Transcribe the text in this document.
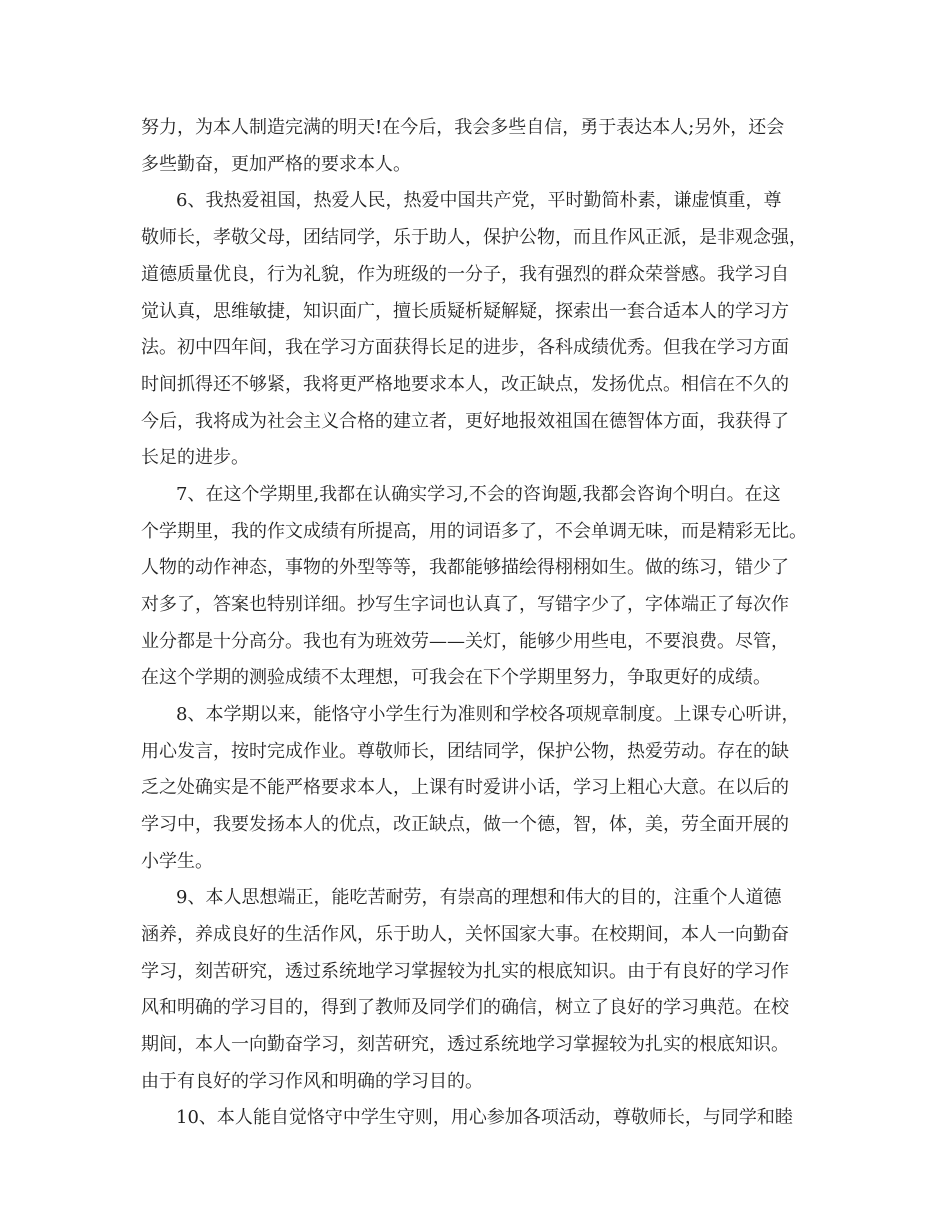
努力，为本人制造完满的明天!在今后，我会多些自信，勇于表达本人;另外，还会
多些勤奋，更加严格的要求本人。
6、我热爱祖国，热爱人民，热爱中国共产党，平时勤简朴素，谦虚慎重，尊
敬师长，孝敬父母，团结同学，乐于助人，保护公物，而且作风正派，是非观念强，
道德质量优良，行为礼貌，作为班级的一分子，我有强烈的群众荣誉感。我学习自
觉认真，思维敏捷，知识面广，擅长质疑析疑解疑，探索出一套合适本人的学习方
法。初中四年间，我在学习方面获得长足的进步，各科成绩优秀。但我在学习方面
时间抓得还不够紧，我将更严格地要求本人，改正缺点，发扬优点。相信在不久的
今后，我将成为社会主义合格的建立者，更好地报效祖国在德智体方面，我获得了
长足的进步。
7、在这个学期里,我都在认确实学习,不会的咨询题,我都会咨询个明白。在这
个学期里，我的作文成绩有所提高，用的词语多了，不会单调无味，而是精彩无比。
人物的动作神态，事物的外型等等，我都能够描绘得栩栩如生。做的练习，错少了
对多了，答案也特别详细。抄写生字词也认真了，写错字少了，字体端正了每次作
业分都是十分高分。我也有为班效劳——关灯，能够少用些电，不要浪费。尽管，
在这个学期的测验成绩不太理想，可我会在下个学期里努力，争取更好的成绩。
8、本学期以来，能恪守小学生行为准则和学校各项规章制度。上课专心听讲，
用心发言，按时完成作业。尊敬师长，团结同学，保护公物，热爱劳动。存在的缺
乏之处确实是不能严格要求本人，上课有时爱讲小话，学习上粗心大意。在以后的
学习中，我要发扬本人的优点，改正缺点，做一个德，智，体，美，劳全面开展的
小学生。
9、本人思想端正，能吃苦耐劳，有崇高的理想和伟大的目的，注重个人道德
涵养，养成良好的生活作风，乐于助人，关怀国家大事。在校期间，本人一向勤奋
学习，刻苦研究，透过系统地学习掌握较为扎实的根底知识。由于有良好的学习作
风和明确的学习目的，得到了教师及同学们的确信，树立了良好的学习典范。在校
期间，本人一向勤奋学习，刻苦研究，透过系统地学习掌握较为扎实的根底知识。
由于有良好的学习作风和明确的学习目的。
10、本人能自觉恪守中学生守则，用心参加各项活动，尊敬师长，与同学和睦
